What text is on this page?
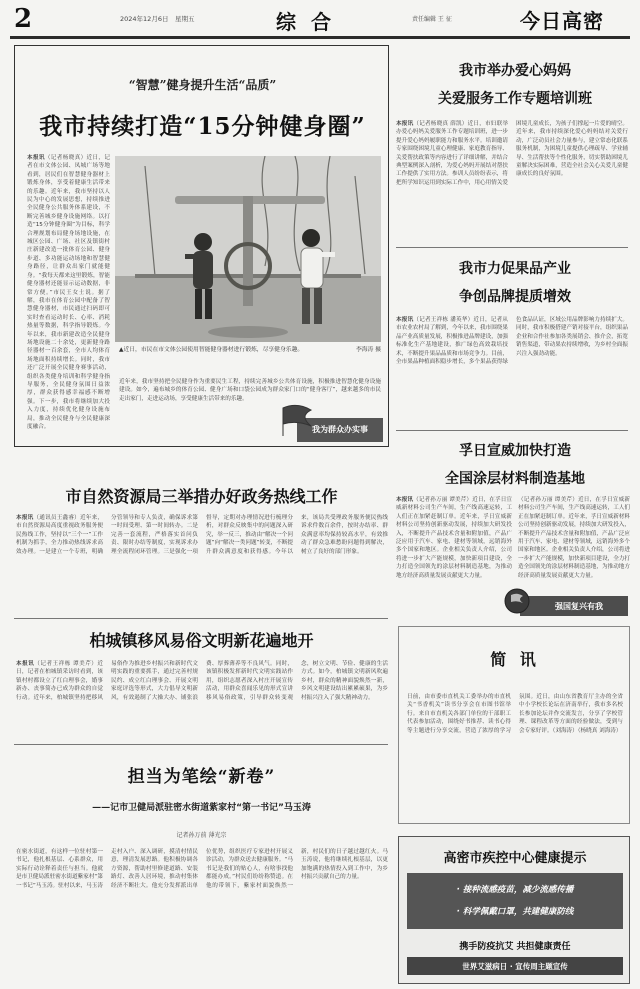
2	2024年12月6日 星期五	综 合	责任编辑 王 征	今日高密
“智慧”健身提升生活“品质”
我市持续打造“15分钟健身圈”
本报讯（记者杨晓真）近日，记者在市文体公园、凤城广场等地看到，居民们在智慧健身器材上锻炼身体，享受着健康生活带来的乐趣。近年来，我市坚持以人民为中心的发展思想，持续推进全民健身公共服务体系建设，不断完善城乡健身设施网络。以打造“15分钟健身圈”为目标，科学合理规划布局健身场地设施，在城区公园、广场、社区及镇街村庄新建改造一批体育公园、健身步道、多功能运动场地和智慧健身路径，让群众出家门就能健身。“我每天都来这里锻炼，智能健身器材还能显示运动数据，非常方便。”市民王女士说。据了解，我市在体育公园中配备了智慧健身器材，市民通过扫码即可实时查看运动时长、心率、消耗热量等数据，科学指导锻炼。今年以来，我市新建改造全民健身场地设施二十余处，更新健身路径器材一百余套，全市人均体育场地面积持续增长。同时，我市还广泛开展全民健身赛事活动，组织各类健身培训和科学健身指导服务，全民健身氛围日益浓厚，群众获得感幸福感不断增强。下一步，我市将继续加大投入力度，持续优化健身设施布局，推动全民健身与全民健康深度融合。
▲近日，市民在市文体公园使用智能健身器材进行锻炼，尽享健身乐趣。	李海涛 摄
近年来，我市坚持把全民健身作为重要民生工程，持续完善城乡公共体育设施，积极推进智慧化健身设施建设。如今，遍布城乡的体育公园、健身广场和口袋公园成为群众家门口的“健身客厅”，越来越多的市民走出家门，走进运动场，享受健康生活带来的乐趣。
我为群众办实事
我市举办爱心妈妈
关爱服务工作专题培训班
本报讯（记者杨晓真 薛凯）近日，市妇联举办爱心妈妈关爱服务工作专题培训班，进一步提升爱心妈妈履职能力和服务水平。培训邀请专家围绕困境儿童心理健康、家庭教育指导、关爱帮扶政策等内容进行了详细讲解，并结合典型案例深入剖析，为爱心妈妈开展结对帮扶工作提供了实用方法。参训人员纷纷表示，将把所学知识运用到实际工作中，用心用情关爱困境儿童成长，为孩子们撑起一片爱的晴空。近年来，我市持续深化爱心妈妈结对关爱行动，广泛动员社会力量参与，建立常态化联系服务机制，为困境儿童提供心理疏导、学业辅导、生活帮扶等个性化服务，切实帮助困境儿童解决实际困难，营造全社会关心关爱儿童健康成长的良好氛围。
我市力促果品产业
争创品牌提质增效
本报讯（记者王祥栋 潘英华）近日，记者从市农业农村局了解到，今年以来，我市围绕果品产业高质量发展，积极推进品牌建设，加强标准化生产基地建设，推广绿色高效栽培技术，不断提升果品品质和市场竞争力。目前，全市果品种植面积稳步增长，多个果品获得绿色食品认证，区域公用品牌影响力持续扩大。同时，我市积极搭建产销对接平台，组织果品企业和合作社参加各类展销会、推介会，拓宽销售渠道，带动果农持续增收，为乡村全面振兴注入强劲动能。
孚日宣威加快打造
全国涂层材料制造基地
本报讯（记者孙万丽 谭美芹）近日，在孚日宣威新材料公司生产车间，生产线高速运转，工人们正在加紧赶制订单。近年来，孚日宣威新材料公司坚持创新驱动发展，持续加大研发投入，不断提升产品技术含量和附加值，产品广泛应用于汽车、家电、建材等领域，远销海外多个国家和地区。企业相关负责人介绍，公司将进一步扩大产能规模，加快新项目建设，全力打造全国领先的涂层材料制造基地，为推动地方经济高质量发展贡献更大力量。
（记者孙万丽 谭美芹）近日，在孚日宣威新材料公司生产车间，生产线高速运转，工人们正在加紧赶制订单。近年来，孚日宣威新材料公司坚持创新驱动发展，持续加大研发投入，不断提升产品技术含量和附加值，产品广泛应用于汽车、家电、建材等领域，远销海外多个国家和地区。企业相关负责人介绍，公司将进一步扩大产能规模，加快新项目建设，全力打造全国领先的涂层材料制造基地，为推动地方经济高质量发展贡献更大力量。
强国复兴有我
市自然资源局三举措办好政务热线工作
本报讯（通讯员王鑫睿）近年来，市自然资源局高度重视政务服务便民热线工作，坚持以“三个一”工作机制为抓手，全力推动热线诉求高效办理。一是建立一个专班，明确分管领导和专人负责，确保诉求第一时间受理、第一时间转办。二是完善一套流程，严格落实首问负责、限时办结等制度，实现诉求办理全流程闭环管理。三是强化一项督导，定期对办理情况进行梳理分析，对群众反映集中的问题深入研究，举一反三，推动由“解决一个问题”向“解决一类问题”转变，不断提升群众满意度和获得感。今年以来，该局共受理政务服务便民热线诉求件数百余件，按时办结率、群众满意率均保持较高水平，有效推动了群众急难愁盼问题得到解决，树立了良好的部门形象。
柏城镇移风易俗文明新花遍地开
本报讯（记者王祥栋 谭美芹）近日，记者在柏城镇采访时看到，该镇村村都设立了红白理事会，婚事新办、丧事简办已成为群众的自觉行动。近年来，柏城镇坚持把移风易俗作为推进乡村振兴和新时代文明实践的重要抓手，通过完善村规民约、成立红白理事会、开展文明家庭评选等形式，大力倡导文明新风，有效遏制了大操大办、铺张浪费、厚葬薄养等不良风气。同时，该镇积极发挥新时代文明实践站作用，组织志愿者深入村庄开展宣传活动，用群众喜闻乐见的形式宣讲移风易俗政策，引导群众转变观念，树立文明、节俭、健康的生活方式。如今，柏城镇文明新风吹遍乡村，群众的精神面貌焕然一新，乡风文明建设结出累累硕果，为乡村振兴注入了强大精神动力。
担当为笔绘“新卷”
——记市卫健局派驻密水街道紫家村“第一书记”马玉涛
记者孙万前 薄光宗
在密水街道，有这样一位驻村第一书记，他扎根基层、心系群众，用实际行动诠释着责任与担当。他就是市卫健局派驻密水街道紫家村“第一书记”马玉涛。驻村以来，马玉涛走村入户、深入调研，摸清村情民意，理清发展思路。他积极协调各方资源，帮助村里修建道路、安装路灯、改善人居环境，推动村集体经济不断壮大。他充分发挥派出单位优势，组织医疗专家进村开展义诊活动，为群众送去健康服务。“马书记是我们的贴心人，有啥事找他都能办成。”村民们纷纷称赞道。在他的带领下，紫家村面貌焕然一新，村民们的日子越过越红火。马玉涛说，他将继续扎根基层，以更加饱满的热情投入到工作中，为乡村振兴贡献自己的力量。
简 讯
日前，由市委市直机关工委举办的市直机关“书香机关”读书分享会在市图书馆举行。来自市直机关各部门单位的干部职工代表参加活动，围绕好书推荐、读书心得等主题进行分享交流，营造了浓厚的学习氛围。近日，由山东省教育厅主办的全省中小学校长论坛在济南举行，我市多名校长参加论坛并作交流发言，分享了学校管理、课程改革等方面的经验做法，受到与会专家好评。（刘海涛）（杨晓真 刘海涛）
高密市疾控中心健康提示
· 接种流感疫苗，减少流感传播
· 科学佩戴口罩，共建健康防线
携手防疫抗艾 共担健康责任
世界艾滋病日 · 宣传周主题宣传
